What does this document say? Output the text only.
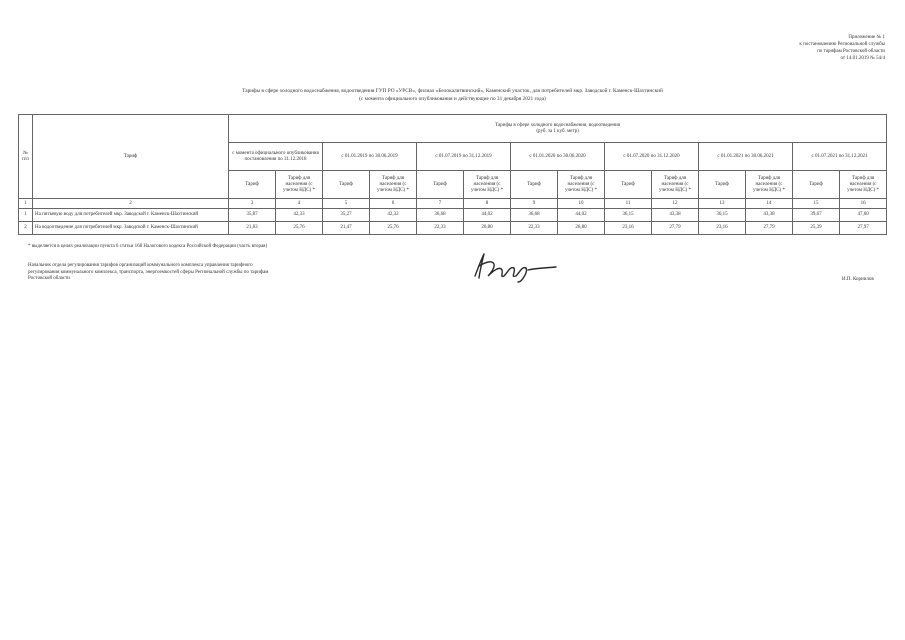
Приложение № 1
к постановлению Региональной службы
по тарифам Ростовской области
от 14.01.2019 № 54/4
Тарифы в сфере холодного водоснабжения, водоотведения ГУП РО «УРСВ», филиал «Белокалитвинский», Каменский участок, для потребителей мкр. Заводской г. Каменск-Шахтинский
(с момента официального опубликования и действующие по 31 декабря 2021 года)
№ п/п	Тариф	Тарифы в сфере холодного водоснабжения, водоотведения
(руб. за 1 куб. метр)													

		с момента официального опубликования постановления по 31.12.2018		с 01.01.2019 по 30.06.2019		с 01.07.2019 по 31.12.2019		с 01.01.2020 по 30.06.2020		с 01.07.2020 по 31.12.2020		с 01.01.2021 по 30.06.2021		с 01.07.2021 по 31.12.2021	
		Тариф	Тариф для населения (с учетом НДС) *	Тариф	Тариф для населения (с учетом НДС) *	Тариф	Тариф для населения (с учетом НДС) *	Тариф	Тариф для населения (с учетом НДС) *	Тариф	Тариф для населения (с учетом НДС) *	Тариф	Тариф для населения (с учетом НДС) *	Тариф	Тариф для населения (с учетом НДС) *
1	2	3	4	5	6	7	8	9	10	11	12	13	14	15	16
1	На питьевую воду для потребителей мкр. Заводской г. Каменск-Шахтинский	35,87	42,33	35,27	42,32	36,68	44,02	36,68	44,02	36,15	43,38	36,15	43,38	39,67	47,60
2	На водоотведение для потребителей мкр. Заводской г. Каменск-Шахтинский	21,83	25,76	21,47	25,76	22,33	26,80	22,33	26,80	23,16	27,79	23,16	27,79	25,39	27,97
* выделяется в целях реализации пункта 6 статьи 168 Налогового кодекса Российской Федерации (часть вторая)
Начальник отдела регулирования тарифов организаций коммунального комплекса управления тарифного
регулирования коммунального комплекса, транспорта, энергоемкостей сферы Региональной службы по тарифам
Ростовской области	И.П. Корнилов
